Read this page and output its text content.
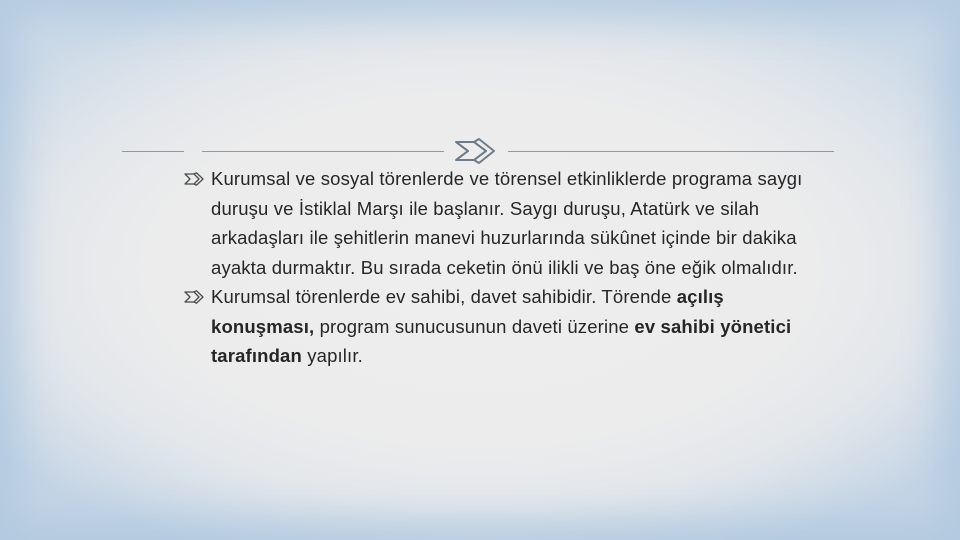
Kurumsal ve sosyal törenlerde ve törensel etkinliklerde programa saygı duruşu ve İstiklal Marşı ile başlanır. Saygı duruşu, Atatürk ve silah arkadaşları ile şehitlerin manevi huzurlarında sükûnet içinde bir dakika ayakta durmaktır. Bu sırada ceketin önü ilikli ve baş öne eğik olmalıdır.

Kurumsal törenlerde ev sahibi, davet sahibidir. Törende açılış konuşması, program sunucusunun daveti üzerine ev sahibi yönetici tarafından yapılır.
